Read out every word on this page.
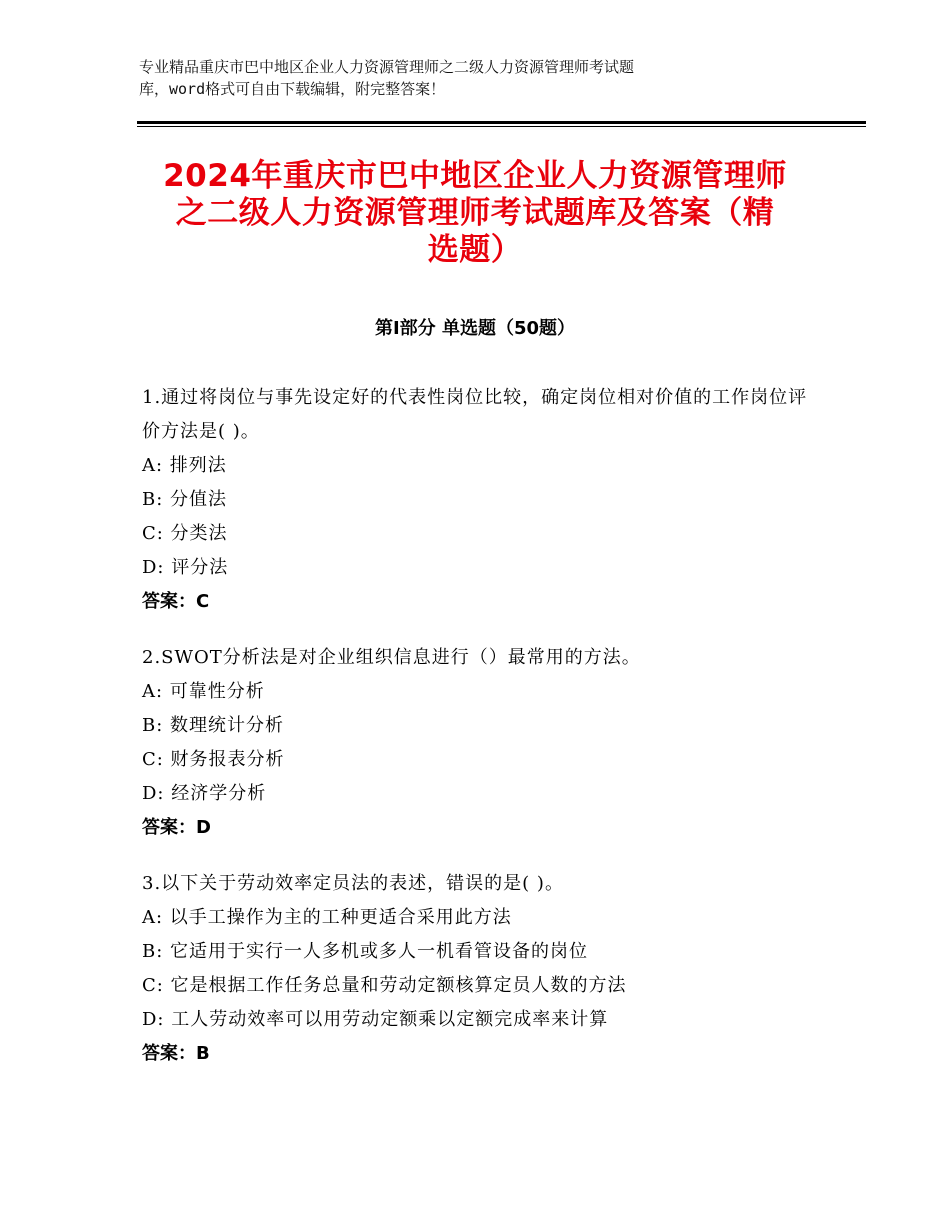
专业精品重庆市巴中地区企业人力资源管理师之二级人力资源管理师考试题
库，word格式可自由下载编辑，附完整答案！
2024年重庆市巴中地区企业人力资源管理师
之二级人力资源管理师考试题库及答案（精
选题）
第Ⅰ部分 单选题（50题）
1.通过将岗位与事先设定好的代表性岗位比较，确定岗位相对价值的工作岗位评价方法是( )。
A: 排列法
B: 分值法
C: 分类法
D: 评分法
答案：C
2.SWOT分析法是对企业组织信息进行（）最常用的方法。
A: 可靠性分析
B: 数理统计分析
C: 财务报表分析
D: 经济学分析
答案：D
3.以下关于劳动效率定员法的表述，错误的是( )。
A: 以手工操作为主的工种更适合采用此方法
B: 它适用于实行一人多机或多人一机看管设备的岗位
C: 它是根据工作任务总量和劳动定额核算定员人数的方法
D: 工人劳动效率可以用劳动定额乘以定额完成率来计算
答案：B
